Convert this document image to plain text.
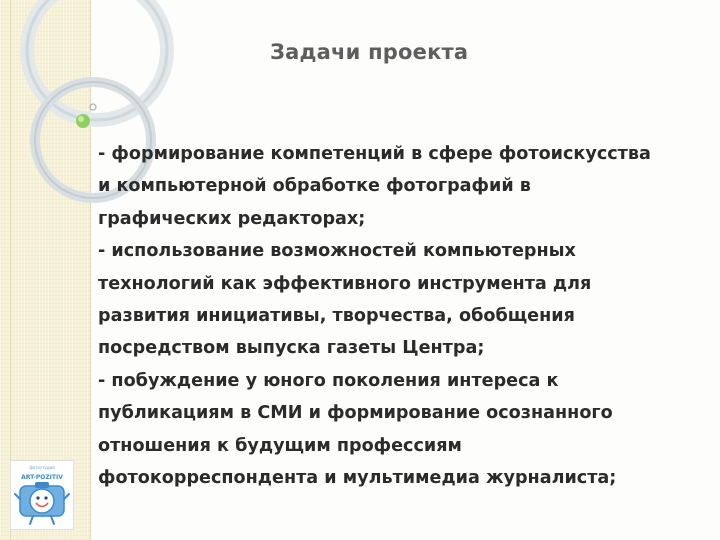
Задачи проекта
- формирование компетенций в сфере фотоискусства
и компьютерной обработке фотографий в
графических редакторах;
- использование возможностей компьютерных
технологий как эффективного инструмента для
развития инициативы, творчества, обобщения
посредством выпуска газеты Центра;
- побуждение у юного поколения интереса к
публикациям в СМИ и формирование осознанного
отношения к будущим профессиям
фотокорреспондента и мультимедиа журналиста;
фотостудия
ART-POZITIV
